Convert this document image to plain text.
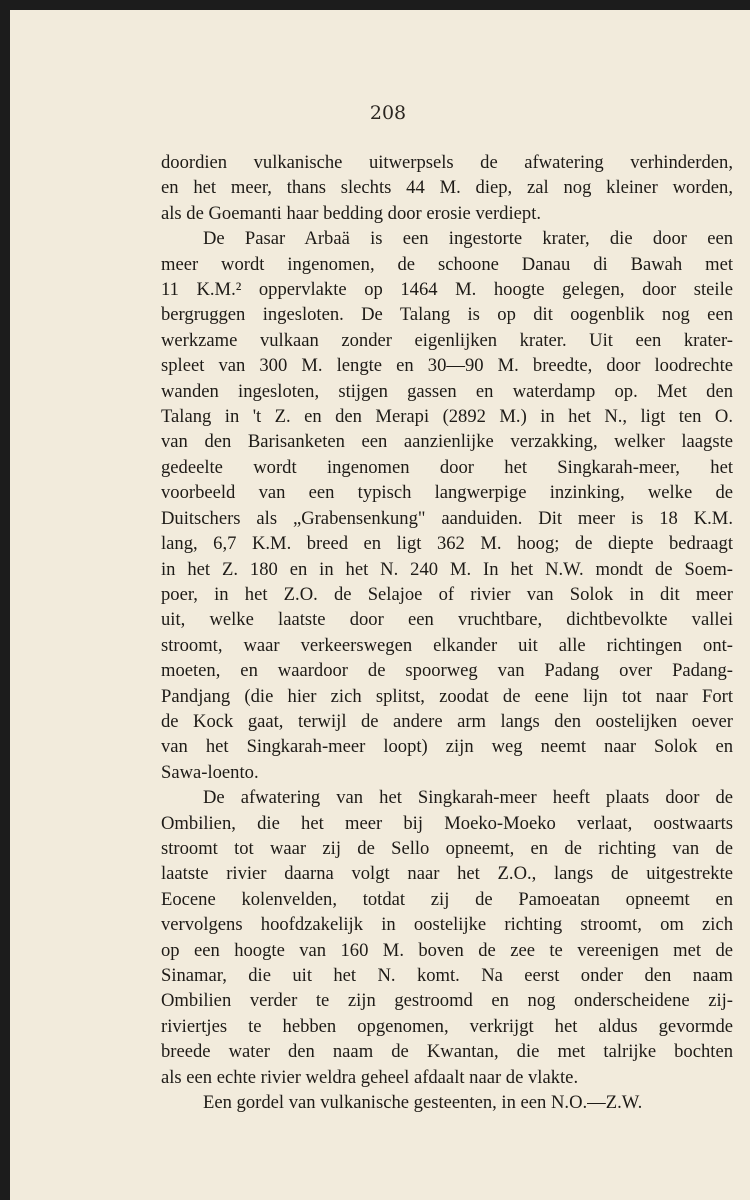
208
doordien vulkanische uitwerpsels de afwatering verhinderden,
en het meer, thans slechts 44 M. diep, zal nog kleiner worden,
als de Goemanti haar bedding door erosie verdiept.
De Pasar Arbaä is een ingestorte krater, die door een
meer wordt ingenomen, de schoone Danau di Bawah met
11 K.M.² oppervlakte op 1464 M. hoogte gelegen, door steile
bergruggen ingesloten. De Talang is op dit oogenblik nog een
werkzame vulkaan zonder eigenlijken krater. Uit een krater-
spleet van 300 M. lengte en 30—90 M. breedte, door loodrechte
wanden ingesloten, stijgen gassen en waterdamp op. Met den
Talang in 't Z. en den Merapi (2892 M.) in het N., ligt ten O.
van den Barisanketen een aanzienlijke verzakking, welker laagste
gedeelte wordt ingenomen door het Singkarah-meer, het
voorbeeld van een typisch langwerpige inzinking, welke de
Duitschers als „Grabensenkung" aanduiden. Dit meer is 18 K.M.
lang, 6,7 K.M. breed en ligt 362 M. hoog; de diepte bedraagt
in het Z. 180 en in het N. 240 M. In het N.W. mondt de Soem-
poer, in het Z.O. de Selajoe of rivier van Solok in dit meer
uit, welke laatste door een vruchtbare, dichtbevolkte vallei
stroomt, waar verkeerswegen elkander uit alle richtingen ont-
moeten, en waardoor de spoorweg van Padang over Padang-
Pandjang (die hier zich splitst, zoodat de eene lijn tot naar Fort
de Kock gaat, terwijl de andere arm langs den oostelijken oever
van het Singkarah-meer loopt) zijn weg neemt naar Solok en
Sawa-loento.
De afwatering van het Singkarah-meer heeft plaats door de
Ombilien, die het meer bij Moeko-Moeko verlaat, oostwaarts
stroomt tot waar zij de Sello opneemt, en de richting van de
laatste rivier daarna volgt naar het Z.O., langs de uitgestrekte
Eocene kolenvelden, totdat zij de Pamoeatan opneemt en
vervolgens hoofdzakelijk in oostelijke richting stroomt, om zich
op een hoogte van 160 M. boven de zee te vereenigen met de
Sinamar, die uit het N. komt. Na eerst onder den naam
Ombilien verder te zijn gestroomd en nog onderscheidene zij-
riviertjes te hebben opgenomen, verkrijgt het aldus gevormde
breede water den naam de Kwantan, die met talrijke bochten
als een echte rivier weldra geheel afdaalt naar de vlakte.
Een gordel van vulkanische gesteenten, in een N.O.—Z.W.
